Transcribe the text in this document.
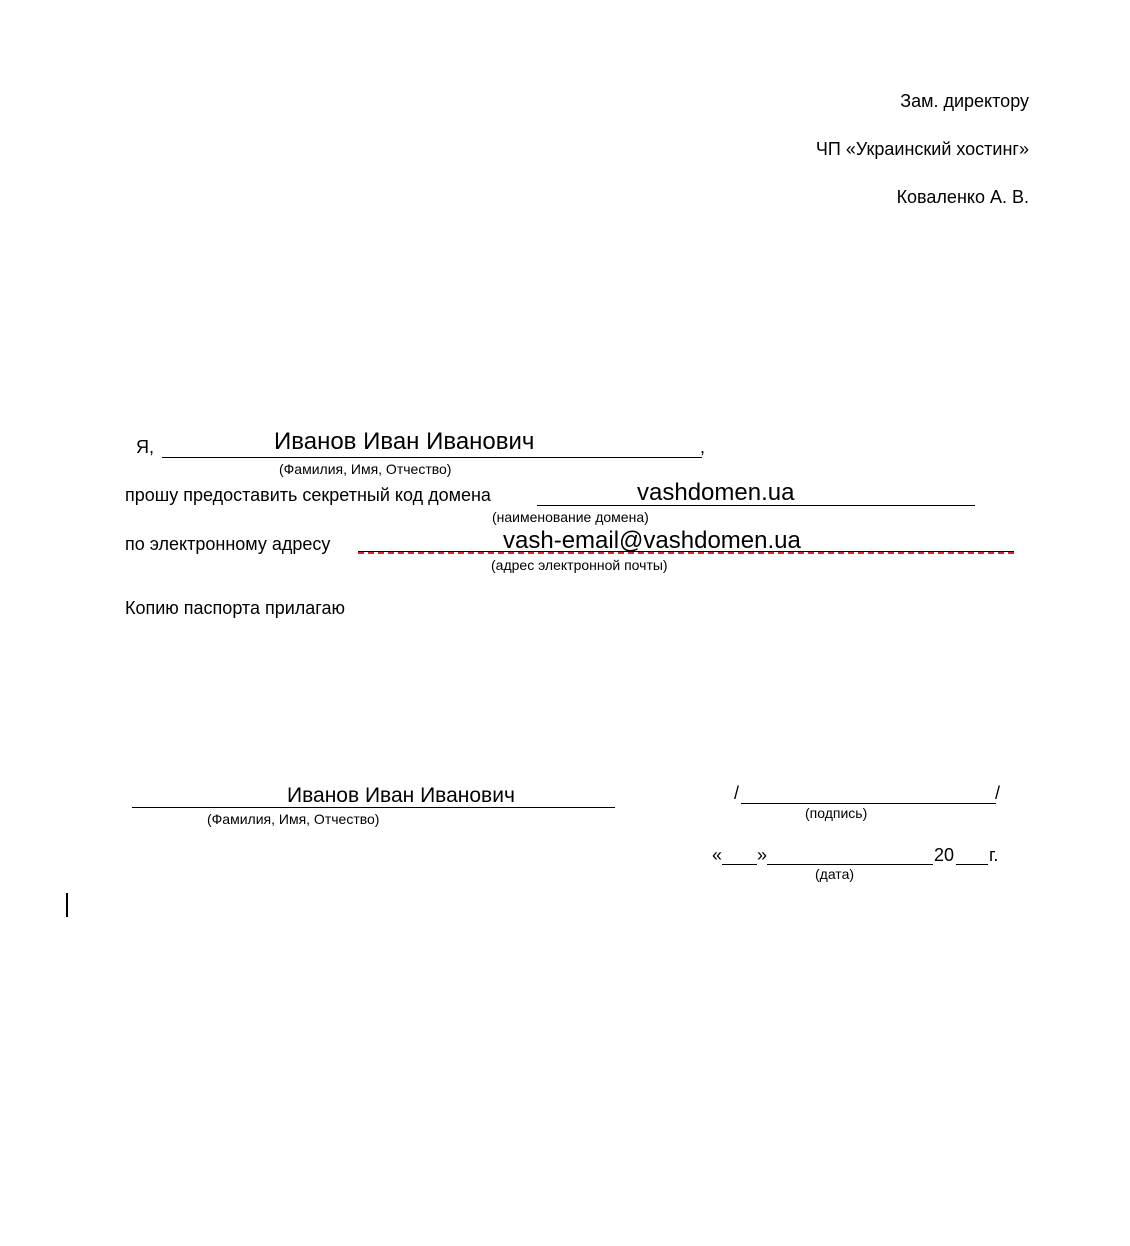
Зам. директору
ЧП «Украинский хостинг»
Коваленко А. В.
Я,	Иванов Иван Иванович	,
(Фамилия, Имя, Отчество)
прошу предоставить секретный код домена	vashdomen.ua
(наименование домена)
по электронному адресу	vash-email@vashdomen.ua
(адрес электронной почты)
Копию паспорта прилагаю
Иванов Иван Иванович
(Фамилия, Имя, Отчество)
/	/
(подпись)
« »	20 г.
(дата)
